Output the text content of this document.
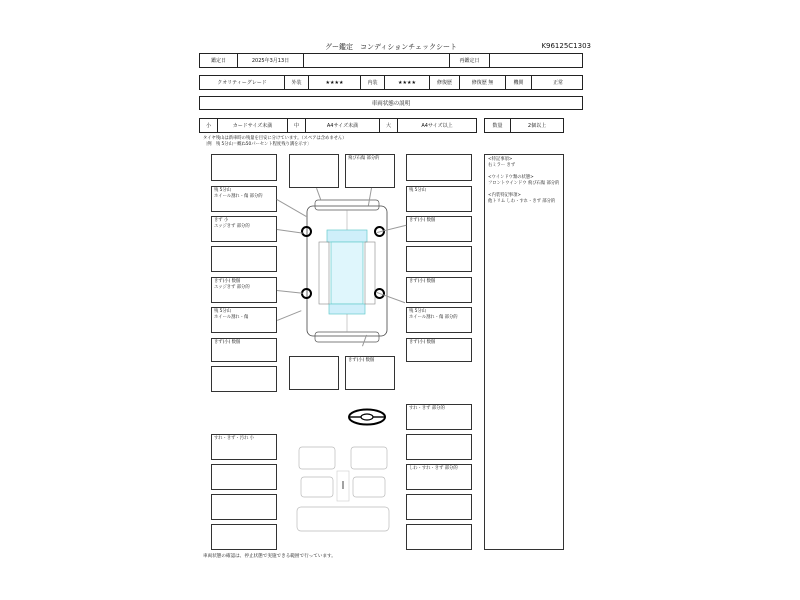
グー鑑定　コンディションチェックシート	K96125C1303
鑑定日	2025年3月13日	再鑑定日
クオリティーグレード	外装	★★★★	内装	★★★★	修復歴	修復歴 無	機関	正常
車両状態の説明
小	カードサイズ未満	中	A4サイズ未満	大	A4サイズ以上	数量	2個以上
タイヤ残山は新車時の残量を目安に分けています。（スペアは含めません）
〔例　残 5分山＝概ね50パーセント程度残り溝を示す〕
飛び石傷 部分的
残 5分山
ホイール割れ・傷 部分的
きず 小
エッジきず 部分的
きず(小) 数個
エッジきず 部分的
残 5分山
ホイール割れ・傷
きず(小) 数個
すれ・きず・汚れ 小
残 5分山
きず(小) 数個
きず(小) 数個
残 5分山
ホイール割れ・傷 部分的
きず(小) 数個
すれ・きず 部分的
しわ・すれ・きず 部分的
きず(小) 数個
<特記事項>
右ミラー きず
<ウインドウ類の状態>
フロントウインドウ 飛び石傷 部分的
<内装特記事項>
他トリム しわ・すれ・きず 部分的
車両状態の確認は、停止状態で実施できる範囲で行っています。
